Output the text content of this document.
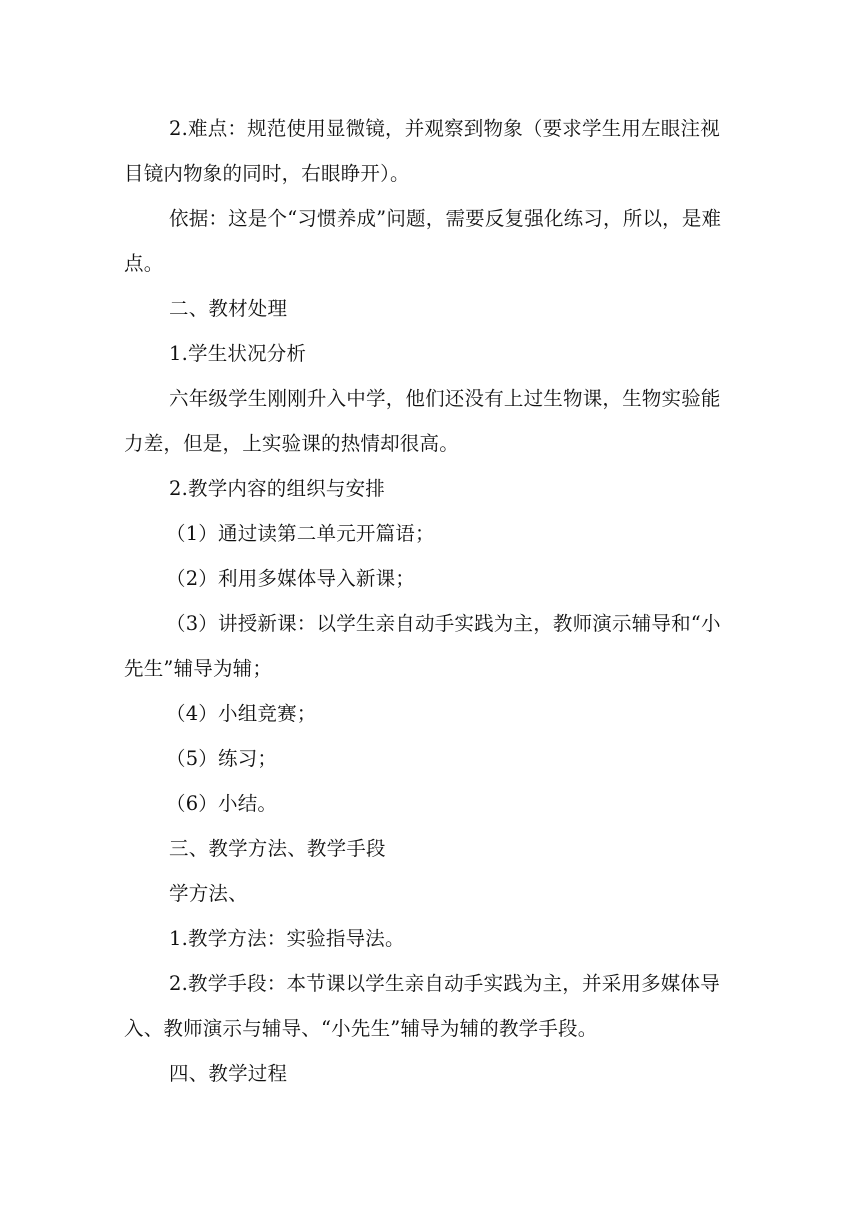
2.难点：规范使用显微镜，并观察到物象（要求学生用左眼注视目镜内物象的同时，右眼睁开）。

依据：这是个“习惯养成”问题，需要反复强化练习，所以，是难点。

二、教材处理

1.学生状况分析

六年级学生刚刚升入中学，他们还没有上过生物课，生物实验能力差，但是，上实验课的热情却很高。

2.教学内容的组织与安排

（1）通过读第二单元开篇语；

（2）利用多媒体导入新课；

（3）讲授新课：以学生亲自动手实践为主，教师演示辅导和“小先生”辅导为辅；

（4）小组竞赛；

（5）练习；

（6）小结。

三、教学方法、教学手段

学方法、

1.教学方法：实验指导法。

2.教学手段：本节课以学生亲自动手实践为主，并采用多媒体导入、教师演示与辅导、“小先生”辅导为辅的教学手段。

四、教学过程
